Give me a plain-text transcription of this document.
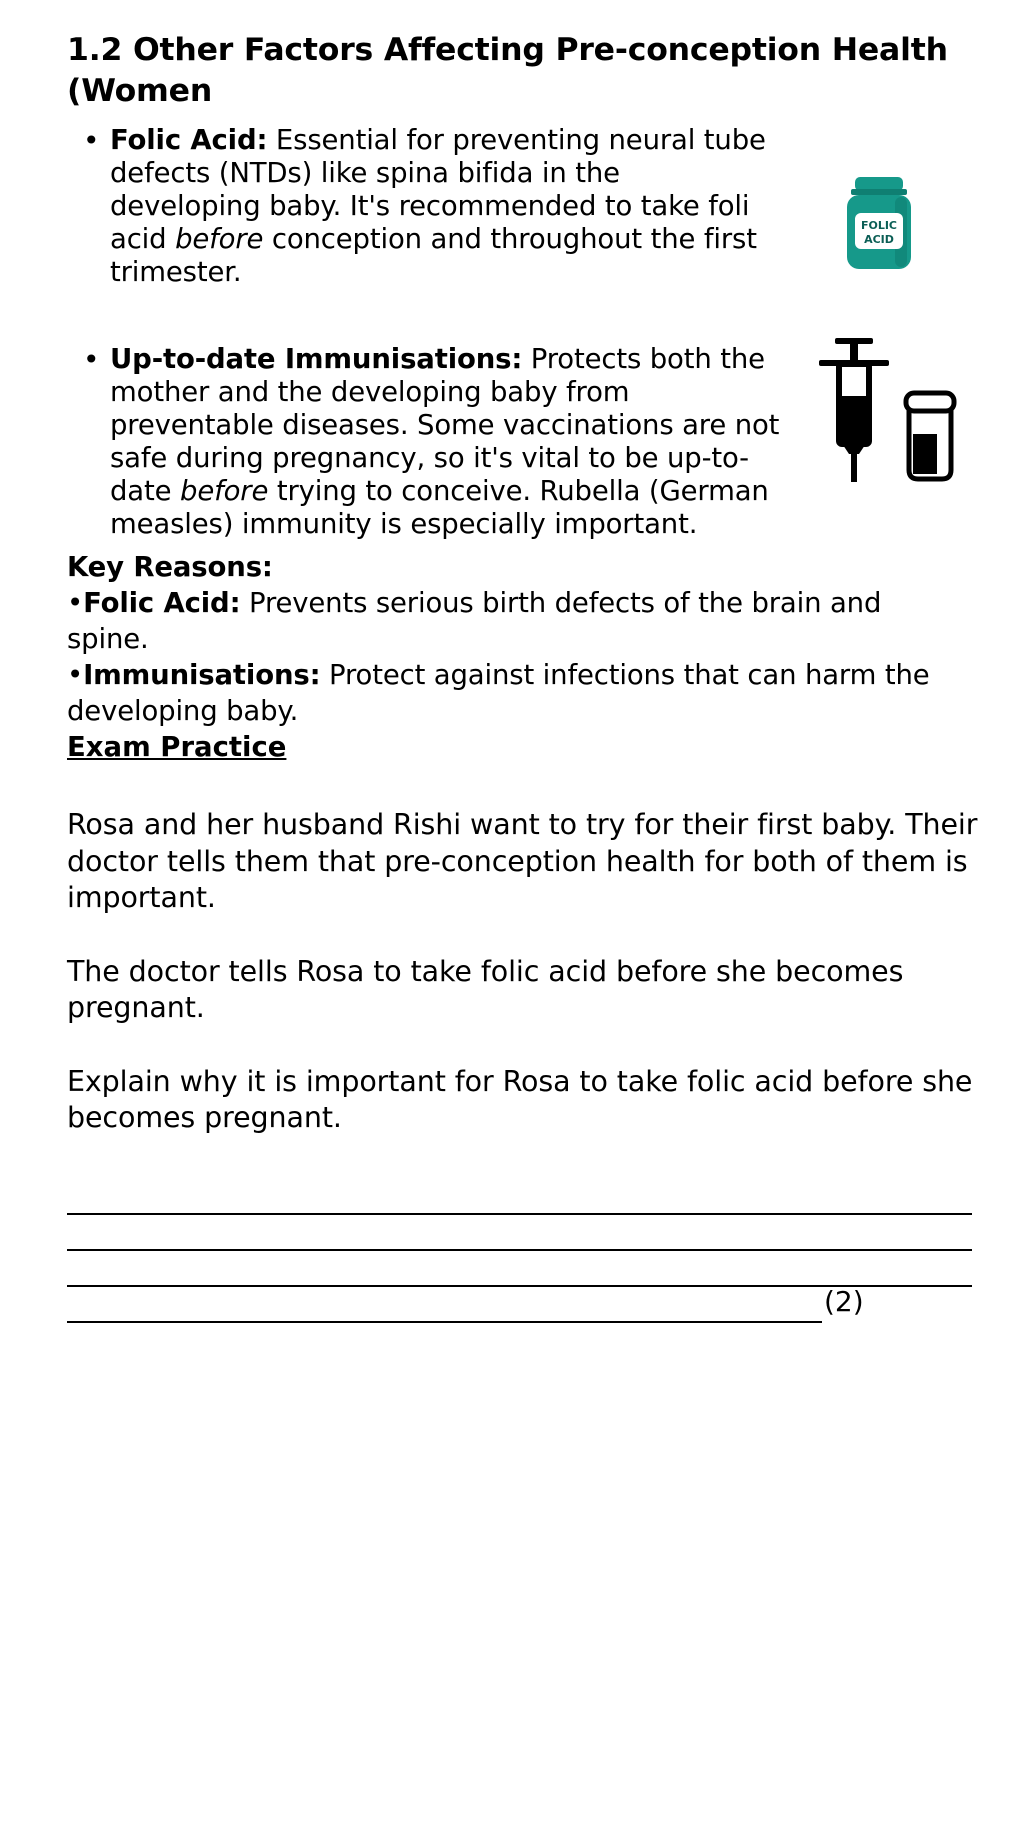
1.2 Other Factors Affecting Pre-conception Health
(Women
• Folic Acid: Essential for preventing neural tube
defects (NTDs) like spina bifida in the
developing baby. It's recommended to take foli
acid before conception and throughout the first
trimester.
• Up-to-date Immunisations: Protects both the
mother and the developing baby from
preventable diseases. Some vaccinations are not
safe during pregnancy, so it's vital to be up-to-
date before trying to conceive. Rubella (German
measles) immunity is especially important.
Key Reasons:
•Folic Acid: Prevents serious birth defects of the brain and
spine.
•Immunisations: Protect against infections that can harm the
developing baby.
Exam Practice

Rosa and her husband Rishi want to try for their first baby. Their
doctor tells them that pre-conception health for both of them is
important.

The doctor tells Rosa to take folic acid before she becomes
pregnant.

Explain why it is important for Rosa to take folic acid before she
becomes pregnant.

(2)
FOLIC
ACID
